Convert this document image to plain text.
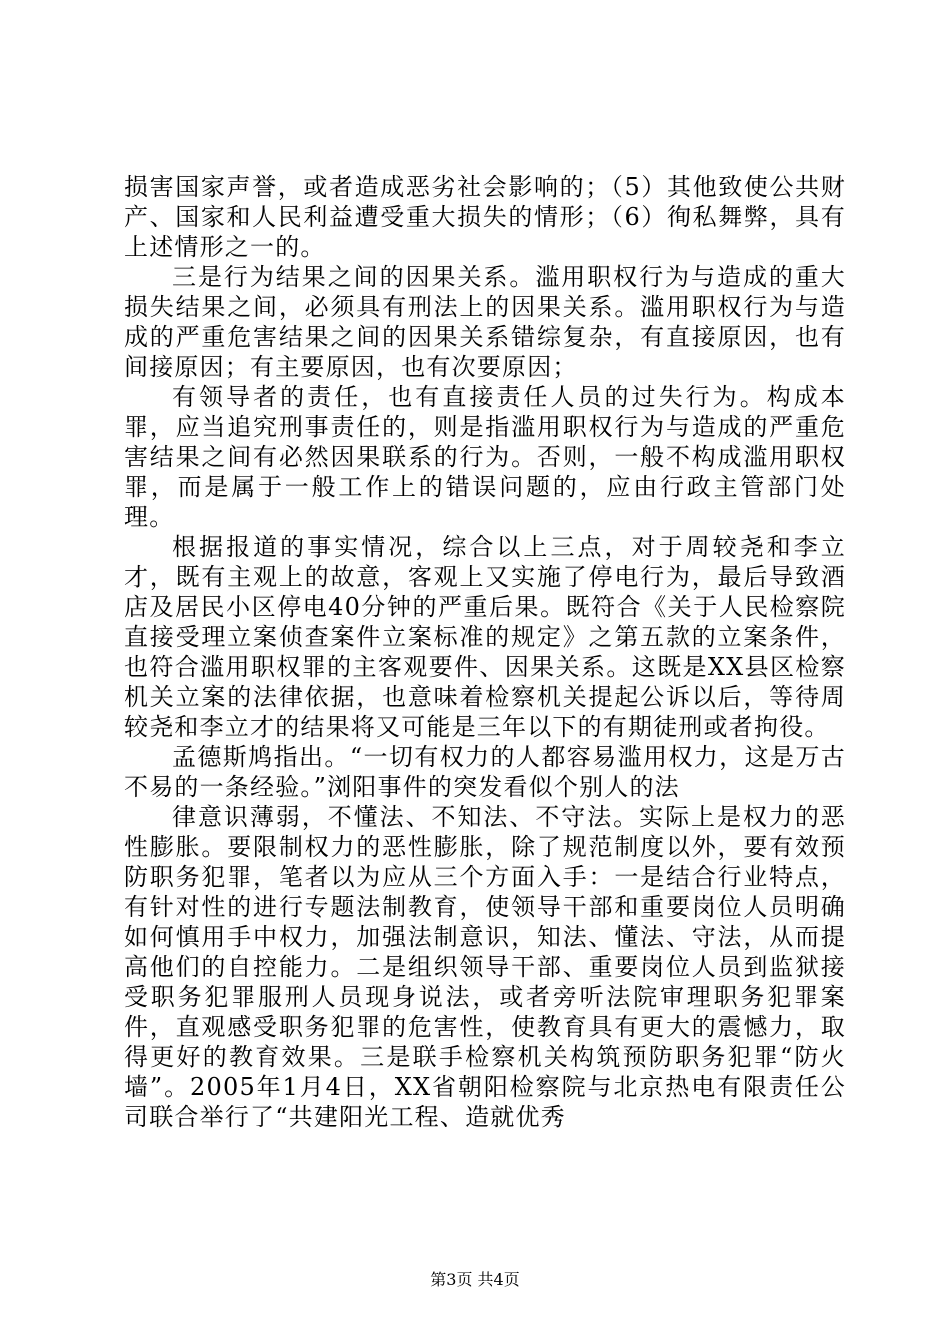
损害国家声誉，或者造成恶劣社会影响的；（5）其他致使公共财产、国家和人民利益遭受重大损失的情形；（6）徇私舞弊，具有上述情形之一的。

三是行为结果之间的因果关系。滥用职权行为与造成的重大损失结果之间，必须具有刑法上的因果关系。滥用职权行为与造成的严重危害结果之间的因果关系错综复杂，有直接原因，也有间接原因；有主要原因，也有次要原因；

有领导者的责任，也有直接责任人员的过失行为。构成本罪，应当追究刑事责任的，则是指滥用职权行为与造成的严重危害结果之间有必然因果联系的行为。否则，一般不构成滥用职权罪，而是属于一般工作上的错误问题的，应由行政主管部门处理。

根据报道的事实情况，综合以上三点，对于周较尧和李立才，既有主观上的故意，客观上又实施了停电行为，最后导致酒店及居民小区停电40分钟的严重后果。既符合《关于人民检察院直接受理立案侦查案件立案标准的规定》之第五款的立案条件，也符合滥用职权罪的主客观要件、因果关系。这既是XX县区检察机关立案的法律依据，也意味着检察机关提起公诉以后，等待周较尧和李立才的结果将又可能是三年以下的有期徒刑或者拘役。

孟德斯鸠指出。“一切有权力的人都容易滥用权力，这是万古不易的一条经验。”浏阳事件的突发看似个别人的法

律意识薄弱，不懂法、不知法、不守法。实际上是权力的恶性膨胀。要限制权力的恶性膨胀，除了规范制度以外，要有效预防职务犯罪，笔者以为应从三个方面入手：一是结合行业特点，有针对性的进行专题法制教育，使领导干部和重要岗位人员明确如何慎用手中权力，加强法制意识，知法、懂法、守法，从而提高他们的自控能力。二是组织领导干部、重要岗位人员到监狱接受职务犯罪服刑人员现身说法，或者旁听法院审理职务犯罪案件，直观感受职务犯罪的危害性，使教育具有更大的震憾力，取得更好的教育效果。三是联手检察机关构筑预防职务犯罪“防火墙”。2005年1月4日，XX省朝阳检察院与北京热电有限责任公司联合举行了“共建阳光工程、造就优秀

第3页 共4页
